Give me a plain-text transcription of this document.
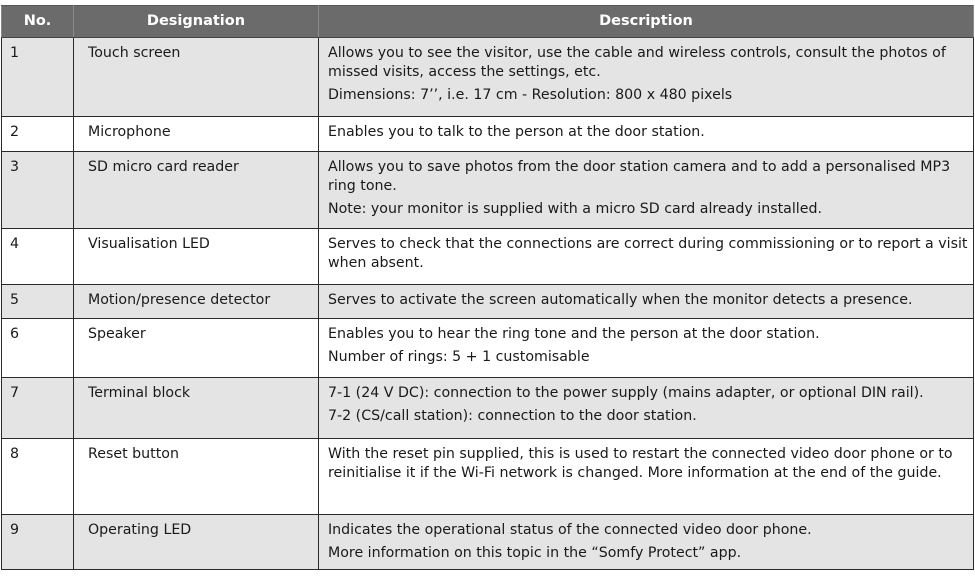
No.	Designation	Description
1	Touch screen	Allows you to see the visitor, use the cable and wireless controls, consult the photos of missed visits, access the settings, etc.

Dimensions: 7’’, i.e. 17 cm - Resolution: 800 x 480 pixels

2	Microphone	Enables you to talk to the person at the door station.

3	SD micro card reader	Allows you to save photos from the door station camera and to add a personalised MP3 ring tone.

Note: your monitor is supplied with a micro SD card already installed.

4	Visualisation LED	Serves to check that the connections are correct during commissioning or to report a visit when absent.

5	Motion/presence detector	Serves to activate the screen automatically when the monitor detects a presence.

6	Speaker	Enables you to hear the ring tone and the person at the door station.

Number of rings: 5 + 1 customisable

7	Terminal block	7-1 (24 V DC): connection to the power supply (mains adapter, or optional DIN rail).

7-2 (CS/call station): connection to the door station.

8	Reset button	With the reset pin supplied, this is used to restart the connected video door phone or to reinitialise it if the Wi-Fi network is changed. More information at the end of the guide.

9	Operating LED	Indicates the operational status of the connected video door phone.

More information on this topic in the “Somfy Protect” app.
